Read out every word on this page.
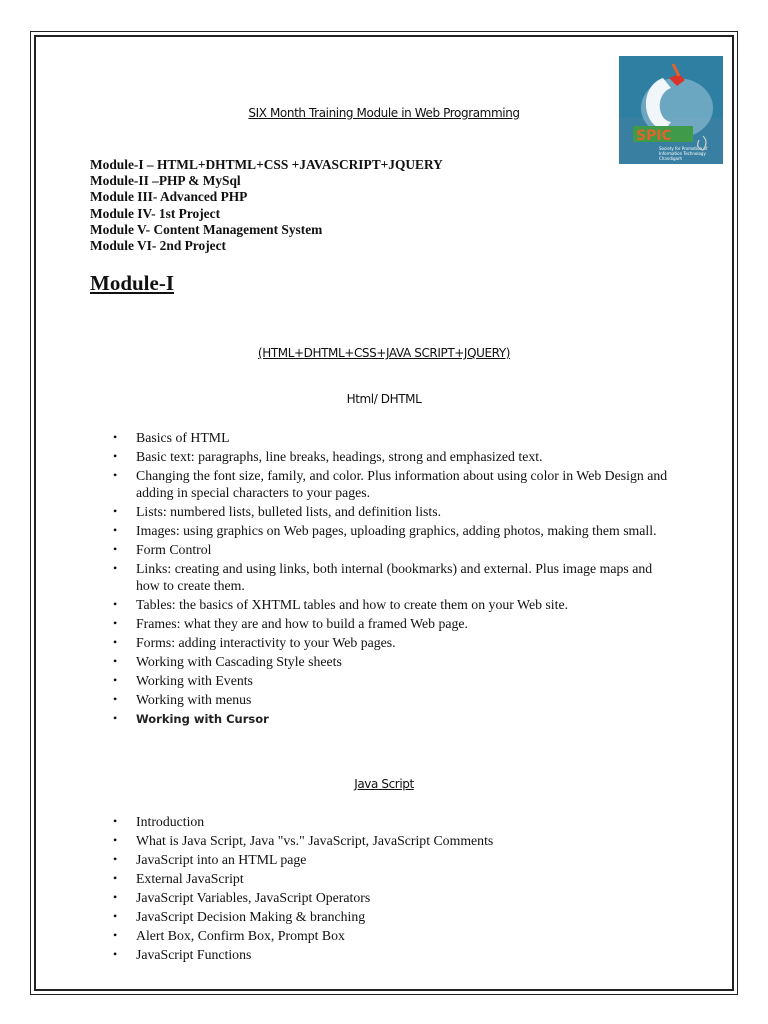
SPIC
Society for Promotion of
Information Technology
Chandigarh
SIX Month Training Module in Web Programming
Module-I – HTML+DHTML+CSS +JAVASCRIPT+JQUERY
Module-II –PHP & MySql
Module III- Advanced PHP
Module IV- 1st Project
Module V- Content Management System
Module VI- 2nd Project
Module-I
(HTML+DHTML+CSS+JAVA SCRIPT+JQUERY)
Html/ DHTML
• Basics of HTML
• Basic text: paragraphs, line breaks, headings, strong and emphasized text.
• Changing the font size, family, and color. Plus information about using color in Web Design and adding in special characters to your pages.
• Lists: numbered lists, bulleted lists, and definition lists.
• Images: using graphics on Web pages, uploading graphics, adding photos, making them small.
• Form Control
• Links: creating and using links, both internal (bookmarks) and external. Plus image maps and how to create them.
• Tables: the basics of XHTML tables and how to create them on your Web site.
• Frames: what they are and how to build a framed Web page.
• Forms: adding interactivity to your Web pages.
• Working with Cascading Style sheets
• Working with Events
• Working with menus
• Working with Cursor
Java Script
• Introduction
• What is Java Script, Java "vs." JavaScript, JavaScript Comments
• JavaScript into an HTML page
• External JavaScript
• JavaScript Variables, JavaScript Operators
• JavaScript Decision Making & branching
• Alert Box, Confirm Box, Prompt Box
• JavaScript Functions
